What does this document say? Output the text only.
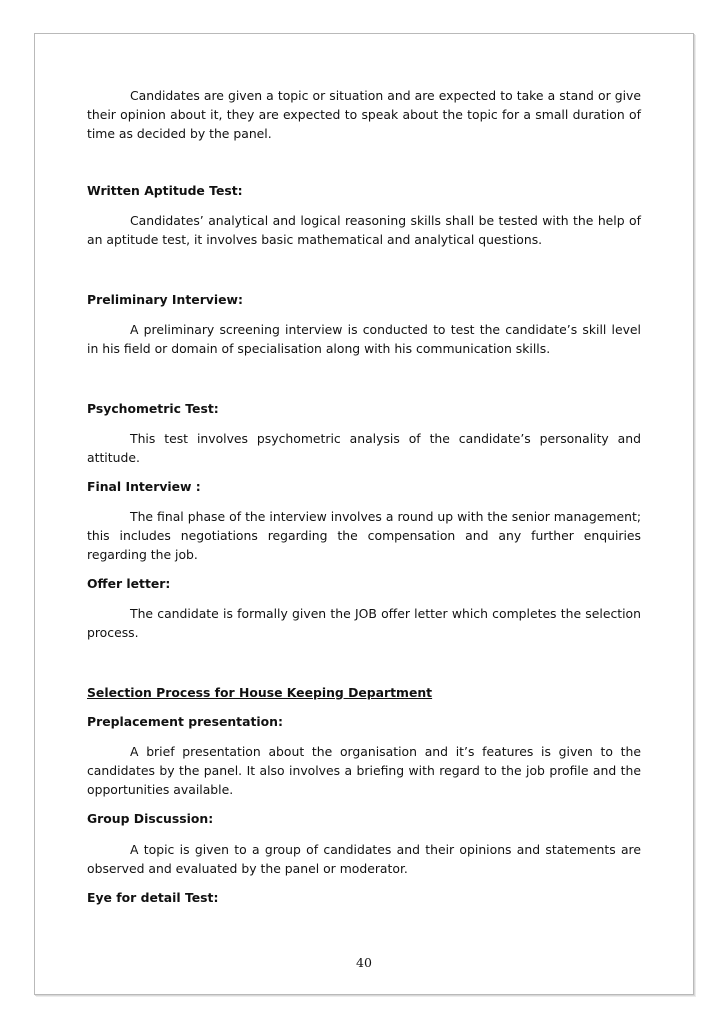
Candidates are given a topic or situation and are expected to take a stand or give their opinion about it, they are expected to speak about the topic for a small duration of time as decided by the panel.

Written Aptitude Test:

Candidates’ analytical and logical reasoning skills shall be tested with the help of an aptitude test, it involves basic mathematical and analytical questions.

Preliminary Interview:

A preliminary screening interview is conducted to test the candidate’s skill level in his field or domain of specialisation along with his communication skills.

Psychometric Test:

This test involves psychometric analysis of the candidate’s personality and attitude.

Final Interview :

The final phase of the interview involves a round up with the senior management; this includes negotiations regarding the compensation and any further enquiries regarding the job.

Offer letter:

The candidate is formally given the JOB offer letter which completes the selection process.

Selection Process for House Keeping Department

Preplacement presentation:

A brief presentation about the organisation and it’s features is given to the candidates by the panel. It also involves a briefing with regard to the job profile and the opportunities available.

Group Discussion:

A topic is given to a group of candidates and their opinions and statements are observed and evaluated by the panel or moderator.

Eye for detail Test:

40
